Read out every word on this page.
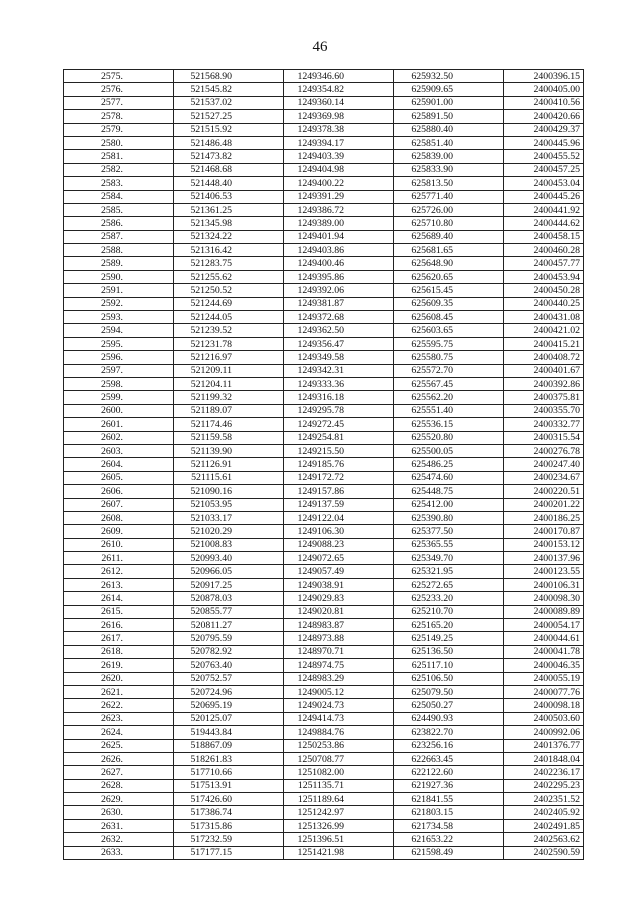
46
2575.	521568.90	1249346.60	625932.50	2400396.15
2576.	521545.82	1249354.82	625909.65	2400405.00
2577.	521537.02	1249360.14	625901.00	2400410.56
2578.	521527.25	1249369.98	625891.50	2400420.66
2579.	521515.92	1249378.38	625880.40	2400429.37
2580.	521486.48	1249394.17	625851.40	2400445.96
2581.	521473.82	1249403.39	625839.00	2400455.52
2582.	521468.68	1249404.98	625833.90	2400457.25
2583.	521448.40	1249400.22	625813.50	2400453.04
2584.	521406.53	1249391.29	625771.40	2400445.26
2585.	521361.25	1249386.72	625726.00	2400441.92
2586.	521345.98	1249389.00	625710.80	2400444.62
2587.	521324.22	1249401.94	625689.40	2400458.15
2588.	521316.42	1249403.86	625681.65	2400460.28
2589.	521283.75	1249400.46	625648.90	2400457.77
2590.	521255.62	1249395.86	625620.65	2400453.94
2591.	521250.52	1249392.06	625615.45	2400450.28
2592.	521244.69	1249381.87	625609.35	2400440.25
2593.	521244.05	1249372.68	625608.45	2400431.08
2594.	521239.52	1249362.50	625603.65	2400421.02
2595.	521231.78	1249356.47	625595.75	2400415.21
2596.	521216.97	1249349.58	625580.75	2400408.72
2597.	521209.11	1249342.31	625572.70	2400401.67
2598.	521204.11	1249333.36	625567.45	2400392.86
2599.	521199.32	1249316.18	625562.20	2400375.81
2600.	521189.07	1249295.78	625551.40	2400355.70
2601.	521174.46	1249272.45	625536.15	2400332.77
2602.	521159.58	1249254.81	625520.80	2400315.54
2603.	521139.90	1249215.50	625500.05	2400276.78
2604.	521126.91	1249185.76	625486.25	2400247.40
2605.	521115.61	1249172.72	625474.60	2400234.67
2606.	521090.16	1249157.86	625448.75	2400220.51
2607.	521053.95	1249137.59	625412.00	2400201.22
2608.	521033.17	1249122.04	625390.80	2400186.25
2609.	521020.29	1249106.30	625377.50	2400170.87
2610.	521008.83	1249088.23	625365.55	2400153.12
2611.	520993.40	1249072.65	625349.70	2400137.96
2612.	520966.05	1249057.49	625321.95	2400123.55
2613.	520917.25	1249038.91	625272.65	2400106.31
2614.	520878.03	1249029.83	625233.20	2400098.30
2615.	520855.77	1249020.81	625210.70	2400089.89
2616.	520811.27	1248983.87	625165.20	2400054.17
2617.	520795.59	1248973.88	625149.25	2400044.61
2618.	520782.92	1248970.71	625136.50	2400041.78
2619.	520763.40	1248974.75	625117.10	2400046.35
2620.	520752.57	1248983.29	625106.50	2400055.19
2621.	520724.96	1249005.12	625079.50	2400077.76
2622.	520695.19	1249024.73	625050.27	2400098.18
2623.	520125.07	1249414.73	624490.93	2400503.60
2624.	519443.84	1249884.76	623822.70	2400992.06
2625.	518867.09	1250253.86	623256.16	2401376.77
2626.	518261.83	1250708.77	622663.45	2401848.04
2627.	517710.66	1251082.00	622122.60	2402236.17
2628.	517513.91	1251135.71	621927.36	2402295.23
2629.	517426.60	1251189.64	621841.55	2402351.52
2630.	517386.74	1251242.97	621803.15	2402405.92
2631.	517315.86	1251326.99	621734.58	2402491.85
2632.	517232.59	1251396.51	621653.22	2402563.62
2633.	517177.15	1251421.98	621598.49	2402590.59
